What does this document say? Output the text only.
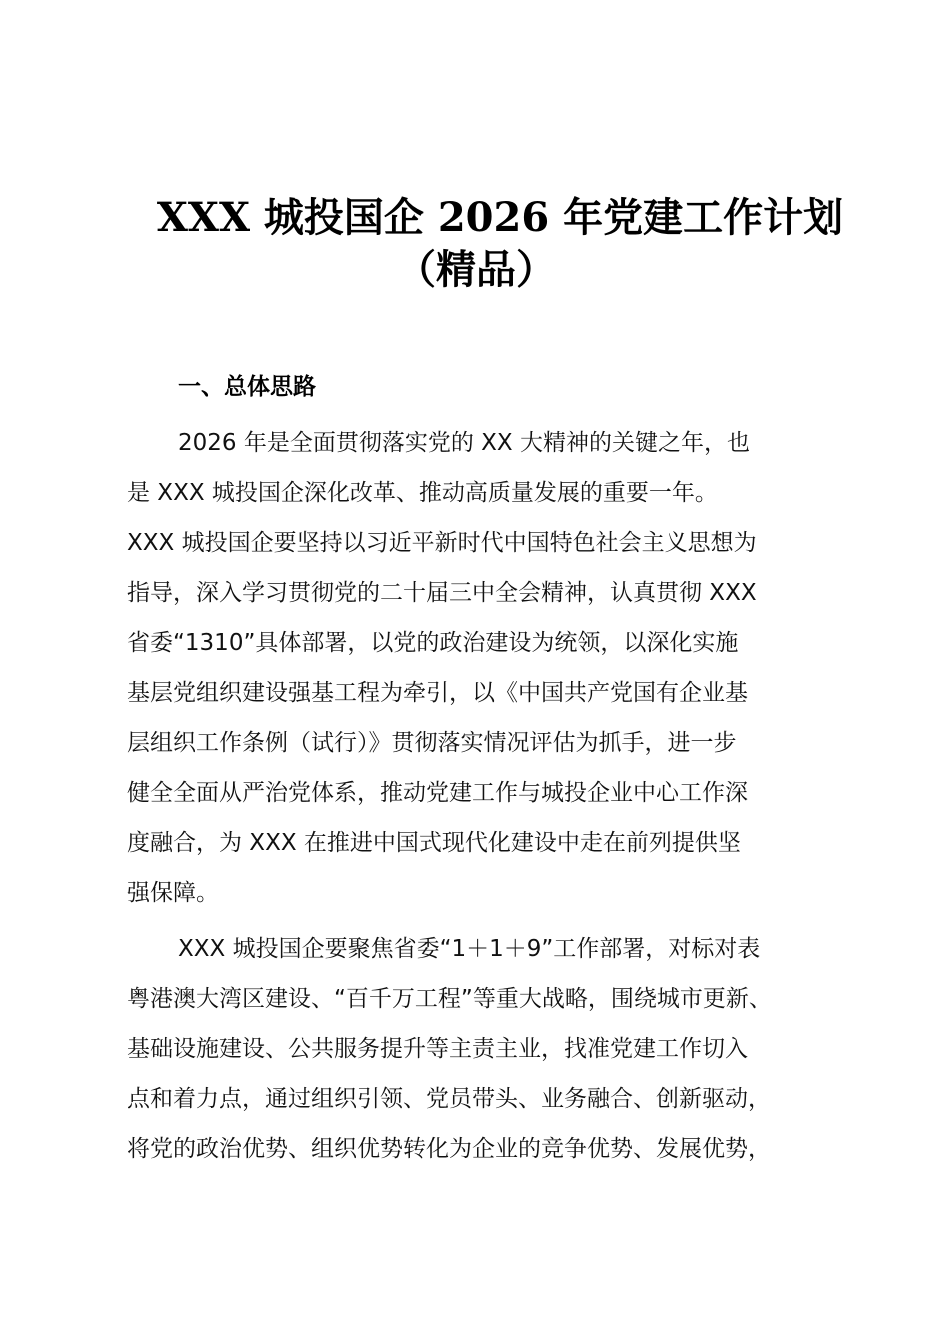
XXX 城投国企 2026 年党建工作计划
（精品）
一、总体思路
2026 年是全面贯彻落实党的 XX 大精神的关键之年，也
是 XXX 城投国企深化改革、推动高质量发展的重要一年。
XXX 城投国企要坚持以习近平新时代中国特色社会主义思想为
指导，深入学习贯彻党的二十届三中全会精神，认真贯彻 XXX
省委“1310”具体部署，以党的政治建设为统领，以深化实施
基层党组织建设强基工程为牵引，以《中国共产党国有企业基
层组织工作条例（试行）》贯彻落实情况评估为抓手，进一步
健全全面从严治党体系，推动党建工作与城投企业中心工作深
度融合，为 XXX 在推进中国式现代化建设中走在前列提供坚
强保障。
XXX 城投国企要聚焦省委“1＋1＋9”工作部署，对标对表
粤港澳大湾区建设、“百千万工程”等重大战略，围绕城市更新、
基础设施建设、公共服务提升等主责主业，找准党建工作切入
点和着力点，通过组织引领、党员带头、业务融合、创新驱动，
将党的政治优势、组织优势转化为企业的竞争优势、发展优势，
